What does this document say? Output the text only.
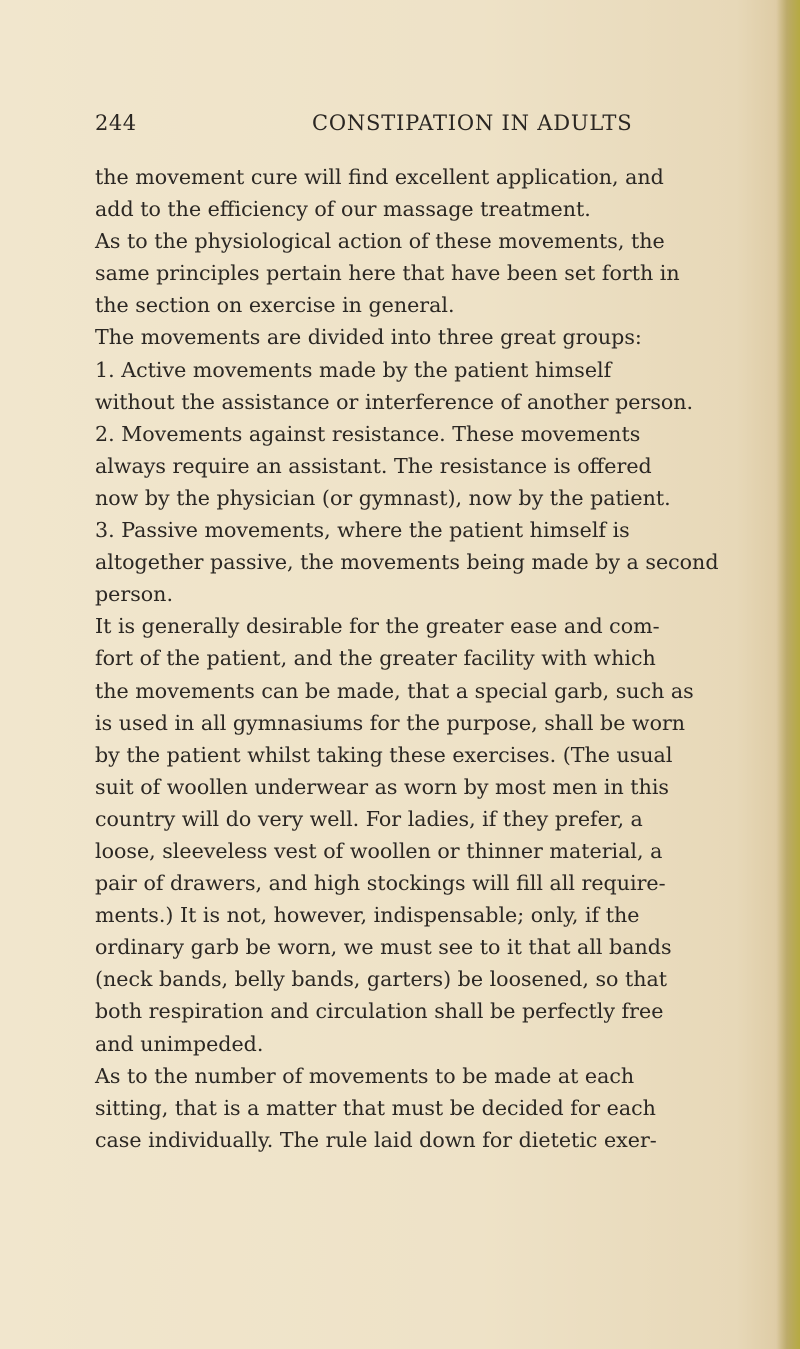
244	CONSTIPATION IN ADULTS
the movement cure will find excellent application, and
add to the efficiency of our massage treatment.
As to the physiological action of these movements, the
same principles pertain here that have been set forth in
the section on exercise in general.
The movements are divided into three great groups:
1. Active movements made by the patient himself
without the assistance or interference of another person.
2. Movements against resistance. These movements
always require an assistant. The resistance is offered
now by the physician (or gymnast), now by the patient.
3. Passive movements, where the patient himself is
altogether passive, the movements being made by a second
person.
It is generally desirable for the greater ease and com-
fort of the patient, and the greater facility with which
the movements can be made, that a special garb, such as
is used in all gymnasiums for the purpose, shall be worn
by the patient whilst taking these exercises. (The usual
suit of woollen underwear as worn by most men in this
country will do very well. For ladies, if they prefer, a
loose, sleeveless vest of woollen or thinner material, a
pair of drawers, and high stockings will fill all require-
ments.) It is not, however, indispensable; only, if the
ordinary garb be worn, we must see to it that all bands
(neck bands, belly bands, garters) be loosened, so that
both respiration and circulation shall be perfectly free
and unimpeded.
As to the number of movements to be made at each
sitting, that is a matter that must be decided for each
case individually. The rule laid down for dietetic exer-
